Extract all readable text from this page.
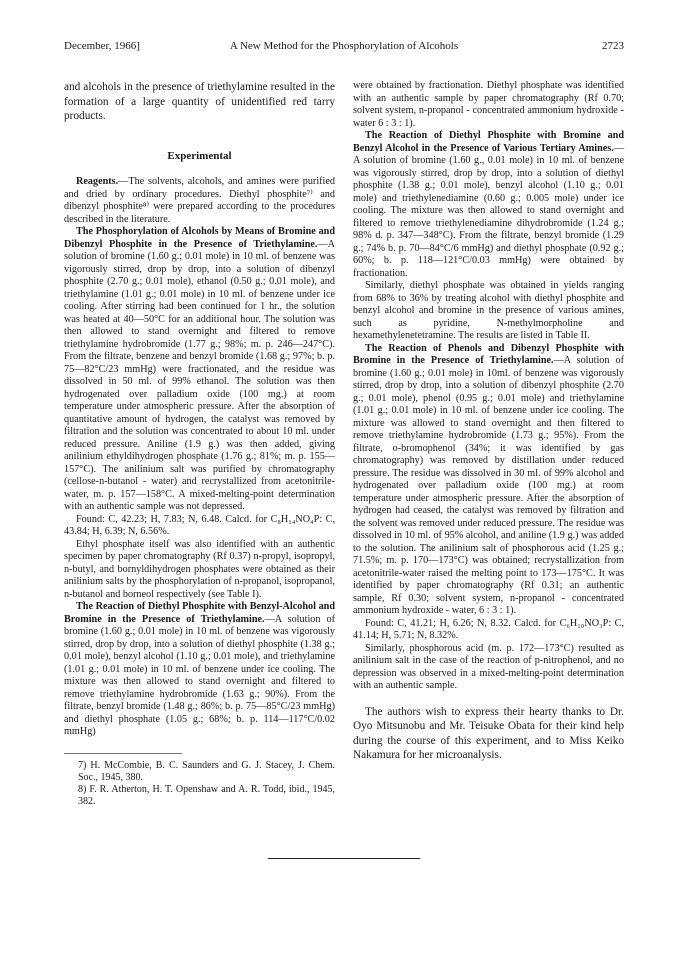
December, 1966]	A New Method for the Phosphorylation of Alcohols	2723

and alcohols in the presence of triethylamine resulted in the formation of a large quantity of unidentified red tarry products.

Experimental

Reagents.—The solvents, alcohols, and amines were purified and dried by ordinary procedures. Diethyl phosphite⁷⁾ and dibenzyl phosphite⁸⁾ were prepared according to the procedures described in the literature.

The Phosphorylation of Alcohols by Means of Bromine and Dibenzyl Phosphite in the Presence of Triethylamine.—A solution of bromine (1.60 g.; 0.01 mole) in 10 ml. of benzene was vigorously stirred, drop by drop, into a solution of dibenzyl phosphite (2.70 g.; 0.01 mole), ethanol (0.50 g.; 0.01 mole), and triethylamine (1.01 g.; 0.01 mole) in 10 ml. of benzene under ice cooling. After stirring had been continued for 1 hr., the solution was heated at 40—50°C for an additional hour. The solution was then allowed to stand overnight and filtered to remove triethylamine hydrobromide (1.77 g.; 98%; m. p. 246—247°C). From the filtrate, benzene and benzyl bromide (1.68 g.; 97%; b. p. 75—82°C/23 mmHg) were fractionated, and the residue was dissolved in 50 ml. of 99% ethanol. The solution was then hydrogenated over palladium oxide (100 mg.) at room temperature under atmospheric pressure. After the absorption of quantitative amount of hydrogen, the catalyst was removed by filtration and the solution was concentrated to about 10 ml. under reduced pressure. Aniline (1.9 g.) was then added, giving anilinium ethyldihydrogen phosphate (1.76 g.; 81%; m. p. 155—157°C). The anilinium salt was purified by chromatography (cellose-n-butanol - water) and recrystallized from acetonitrile-water, m. p. 157—158°C. A mixed-melting-point determination with an authentic sample was not depressed.

Found: C, 42.23; H, 7.83; N, 6.48. Calcd. for C₈H₁₄NO₄P: C, 43.84; H, 6.39; N, 6.56%.

Ethyl phosphate itself was also identified with an authentic specimen by paper chromatography (Rf 0.37) n-propyl, isopropyl, n-butyl, and bornyldihydrogen phosphates were obtained as their anilinium salts by the phosphorylation of n-propanol, isopropanol, n-butanol and borneol respectively (see Table I).

The Reaction of Diethyl Phosphite with Benzyl-Alcohol and Bromine in the Presence of Triethylamine.—A solution of bromine (1.60 g.; 0.01 mole) in 10 ml. of benzene was vigorously stirred, drop by drop, into a solution of diethyl phosphite (1.38 g.; 0.01 mole), benzyl alcohol (1.10 g.; 0.01 mole), and triethylamine (1.01 g.; 0.01 mole) in 10 ml. of benzene under ice cooling. The mixture was then allowed to stand overnight and filtered to remove triethylamine hydrobromide (1.63 g.; 90%). From the filtrate, benzyl bromide (1.48 g.; 86%; b. p. 75—85°C/23 mmHg) and diethyl phosphate (1.05 g.; 68%; b. p. 114—117°C/0.02 mmHg)

7) H. McCombie, B. C. Saunders and G. J. Stacey, J. Chem. Soc., 1945, 380.

8) F. R. Atherton, H. T. Openshaw and A. R. Todd, ibid., 1945, 382.

were obtained by fractionation. Diethyl phosphate was identified with an authentic sample by paper chromatography (Rf 0.70; solvent system, n-propanol - concentrated ammonium hydroxide - water 6 : 3 : 1).

The Reaction of Diethyl Phosphite with Bromine and Benzyl Alcohol in the Presence of Various Tertiary Amines.—A solution of bromine (1.60 g., 0.01 mole) in 10 ml. of benzene was vigorously stirred, drop by drop, into a solution of diethyl phosphite (1.38 g.; 0.01 mole), benzyl alcohol (1.10 g.; 0.01 mole) and triethylenediamine (0.60 g.; 0.005 mole) under ice cooling. The mixture was then allowed to stand overnight and filtered to remove triethylenediamine dihydrobromide (1.24 g.; 98% d. p. 347—348°C). From the filtrate, benzyl bromide (1.29 g.; 74% b. p. 70—84°C/6 mmHg) and diethyl phosphate (0.92 g.; 60%; b. p. 118—121°C/0.03 mmHg) were obtained by fractionation.

Similarly, diethyl phosphate was obtained in yields ranging from 68% to 36% by treating alcohol with diethyl phosphite and benzyl alcohol and bromine in the presence of various amines, such as pyridine, N-methylmorpholine and hexamethylenetetramine. The results are listed in Table II.

The Reaction of Phenols and Dibenzyl Phosphite with Bromine in the Presence of Triethylamine.—A solution of bromine (1.60 g.; 0.01 mole) in 10ml. of benzene was vigorously stirred, drop by drop, into a solution of dibenzyl phosphite (2.70 g.; 0.01 mole), phenol (0.95 g.; 0.01 mole) and triethylamine (1.01 g.; 0.01 mole) in 10 ml. of benzene under ice cooling. The mixture was allowed to stand overnight and then filtered to remove triethylamine hydrobromide (1.73 g.; 95%). From the filtrate, o-bromophenol (34%; it was identified by gas chromatography) was removed by distillation under reduced pressure. The residue was dissolved in 30 ml. of 99% alcohol and hydrogenated over palladium oxide (100 mg.) at room temperature under atmospheric pressure. After the absorption of hydrogen had ceased, the catalyst was removed by filtration and the solvent was removed under reduced pressure. The residue was dissolved in 10 ml. of 95% alcohol, and aniline (1.9 g.) was added to the solution. The anilinium salt of phosphorous acid (1.25 g.; 71.5%; m. p. 170—173°C) was obtained; recrystallization from acetonitrile-water raised the melting point to 173—175°C. It was identified by paper chromatography (Rf 0.31; an authentic sample, Rf 0.30; solvent system, n-propanol - concentrated ammonium hydroxide - water, 6 : 3 : 1).

Found: C, 41.21; H, 6.26; N, 8.32. Calcd. for C₆H₁₀NO₃P: C, 41.14; H, 5.71; N, 8.32%.

Similarly, phosphorous acid (m. p. 172—173°C) resulted as anilinium salt in the case of the reaction of p-nitrophenol, and no depression was observed in a mixed-melting-point determination with an authentic sample.

The authors wish to express their hearty thanks to Dr. Oyo Mitsunobu and Mr. Teisuke Obata for their kind help during the course of this experiment, and to Miss Keiko Nakamura for her microanalysis.
